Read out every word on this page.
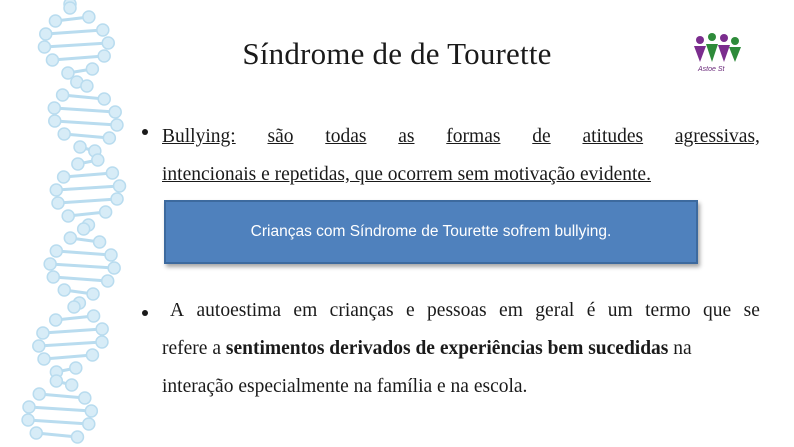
Síndrome de de Tourette	Astoe St
Bullying: são todas as formas de atitudes agressivas,
intencionais e repetidas, que ocorrem sem motivação evidente.
Crianças com Síndrome de Tourette sofrem bullying.
A autoestima em crianças e pessoas em geral é um termo que se
refere a sentimentos derivados de experiências bem sucedidas na
interação especialmente na família e na escola.
